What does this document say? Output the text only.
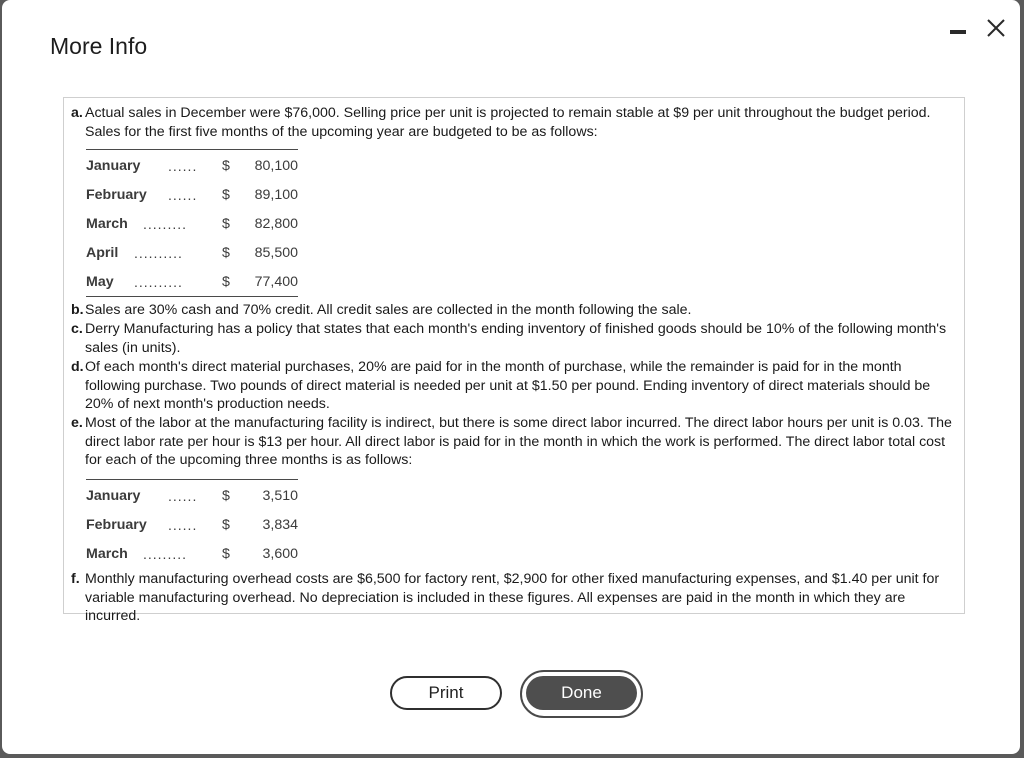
More Info
a. Actual sales in December were $76,000. Selling price per unit is projected to remain stable at $9 per unit throughout the budget period. Sales for the first five months of the upcoming year are budgeted to be as follows:
January ...... $ 80,100
February ...... $ 89,100
March ......... $ 82,800
April ..........	$ 85,500
May ..........	$ 77,400
b. Sales are 30% cash and 70% credit. All credit sales are collected in the month following the sale.
c. Derry Manufacturing has a policy that states that each month's ending inventory of finished goods should be 10% of the following month's sales (in units).
d. Of each month's direct material purchases, 20% are paid for in the month of purchase, while the remainder is paid for in the month following purchase. Two pounds of direct material is needed per unit at $1.50 per pound. Ending inventory of direct materials should be 20% of next month's production needs.
e. Most of the labor at the manufacturing facility is indirect, but there is some direct labor incurred. The direct labor hours per unit is 0.03. The direct labor rate per hour is $13 per hour. All direct labor is paid for in the month in which the work is performed. The direct labor total cost for each of the upcoming three months is as follows:
January ...... $ 3,510
February ...... $ 3,834
March ......... $ 3,600
f. Monthly manufacturing overhead costs are $6,500 for factory rent, $2,900 for other fixed manufacturing expenses, and $1.40 per unit for variable manufacturing overhead. No depreciation is included in these figures. All expenses are paid in the month in which they are incurred.
Print	Done
